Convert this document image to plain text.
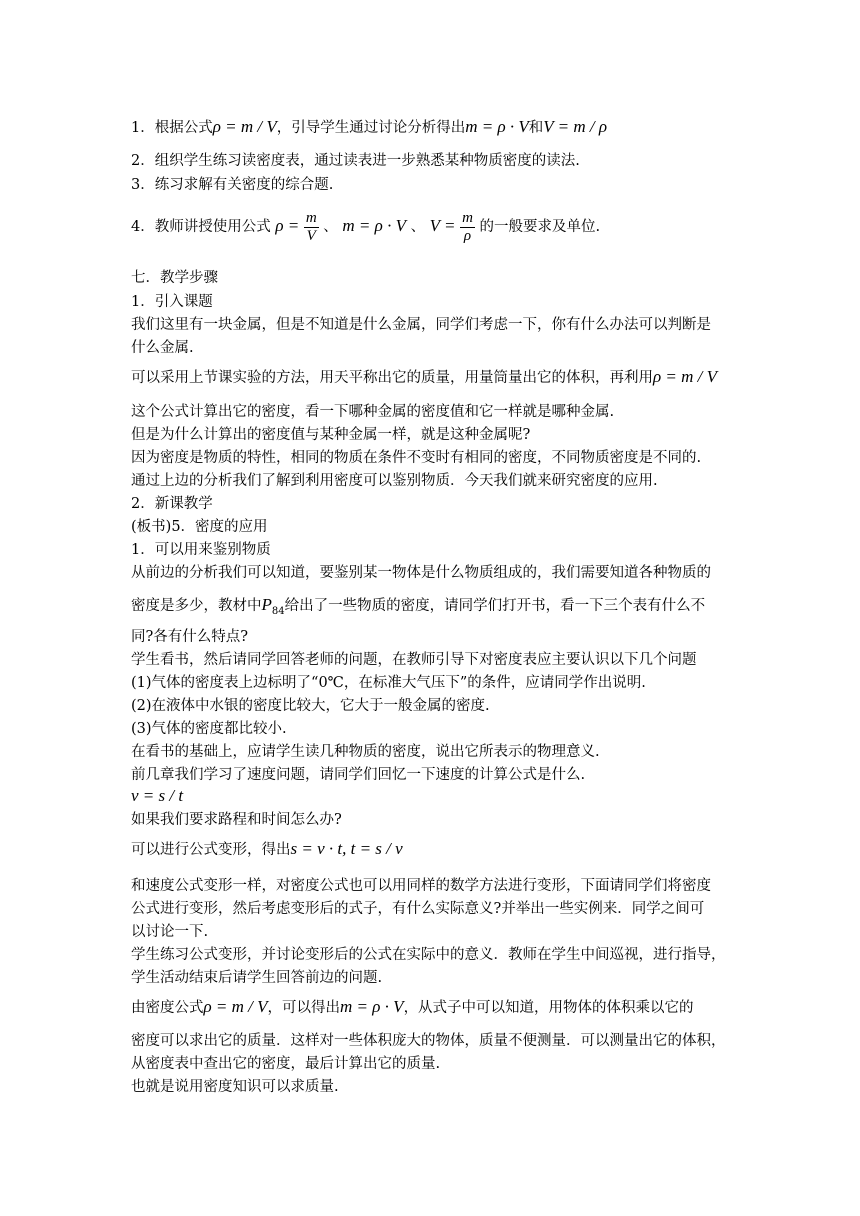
1．根据公式ρ = m / V，引导学生通过讨论分析得出m = ρ · V和V = m / ρ
2．组织学生练习读密度表，通过读表进一步熟悉某种物质密度的读法.
3．练习求解有关密度的综合题.
4．教师讲授使用公式 $\rho = \frac{m}{V}$ 、 m = ρ · V 、 $V = \frac{m}{\rho}$ 的一般要求及单位.
七．教学步骤
1．引入课题
我们这里有一块金属，但是不知道是什么金属，同学们考虑一下，你有什么办法可以判断是
什么金属.
可以采用上节课实验的方法，用天平称出它的质量，用量筒量出它的体积，再利用ρ = m / V
这个公式计算出它的密度，看一下哪种金属的密度值和它一样就是哪种金属.
但是为什么计算出的密度值与某种金属一样，就是这种金属呢?
因为密度是物质的特性，相同的物质在条件不变时有相同的密度，不同物质密度是不同的.
通过上边的分析我们了解到利用密度可以鉴别物质．今天我们就来研究密度的应用.
2．新课教学
(板书)5．密度的应用
1．可以用来鉴别物质
从前边的分析我们可以知道，要鉴别某一物体是什么物质组成的，我们需要知道各种物质的
密度是多少，教材中$P_{84}$给出了一些物质的密度，请同学们打开书，看一下三个表有什么不
同?各有什么特点?
学生看书，然后请同学回答老师的问题，在教师引导下对密度表应主要认识以下几个问题
(1)气体的密度表上边标明了“0℃，在标准大气压下”的条件，应请同学作出说明.
(2)在液体中水银的密度比较大，它大于一般金属的密度.
(3)气体的密度都比较小.
在看书的基础上，应请学生读几种物质的密度，说出它所表示的物理意义.
前几章我们学习了速度问题，请同学们回忆一下速度的计算公式是什么.
v = s / t
如果我们要求路程和时间怎么办?
可以进行公式变形，得出s = v · t, t = s / v
和速度公式变形一样，对密度公式也可以用同样的数学方法进行变形，下面请同学们将密度
公式进行变形，然后考虑变形后的式子，有什么实际意义?并举出一些实例来．同学之间可
以讨论一下.
学生练习公式变形，并讨论变形后的公式在实际中的意义．教师在学生中间巡视，进行指导，
学生活动结束后请学生回答前边的问题.
由密度公式ρ = m / V，可以得出m = ρ · V，从式子中可以知道，用物体的体积乘以它的
密度可以求出它的质量．这样对一些体积庞大的物体，质量不便测量．可以测量出它的体积，
从密度表中查出它的密度，最后计算出它的质量.
也就是说用密度知识可以求质量.
